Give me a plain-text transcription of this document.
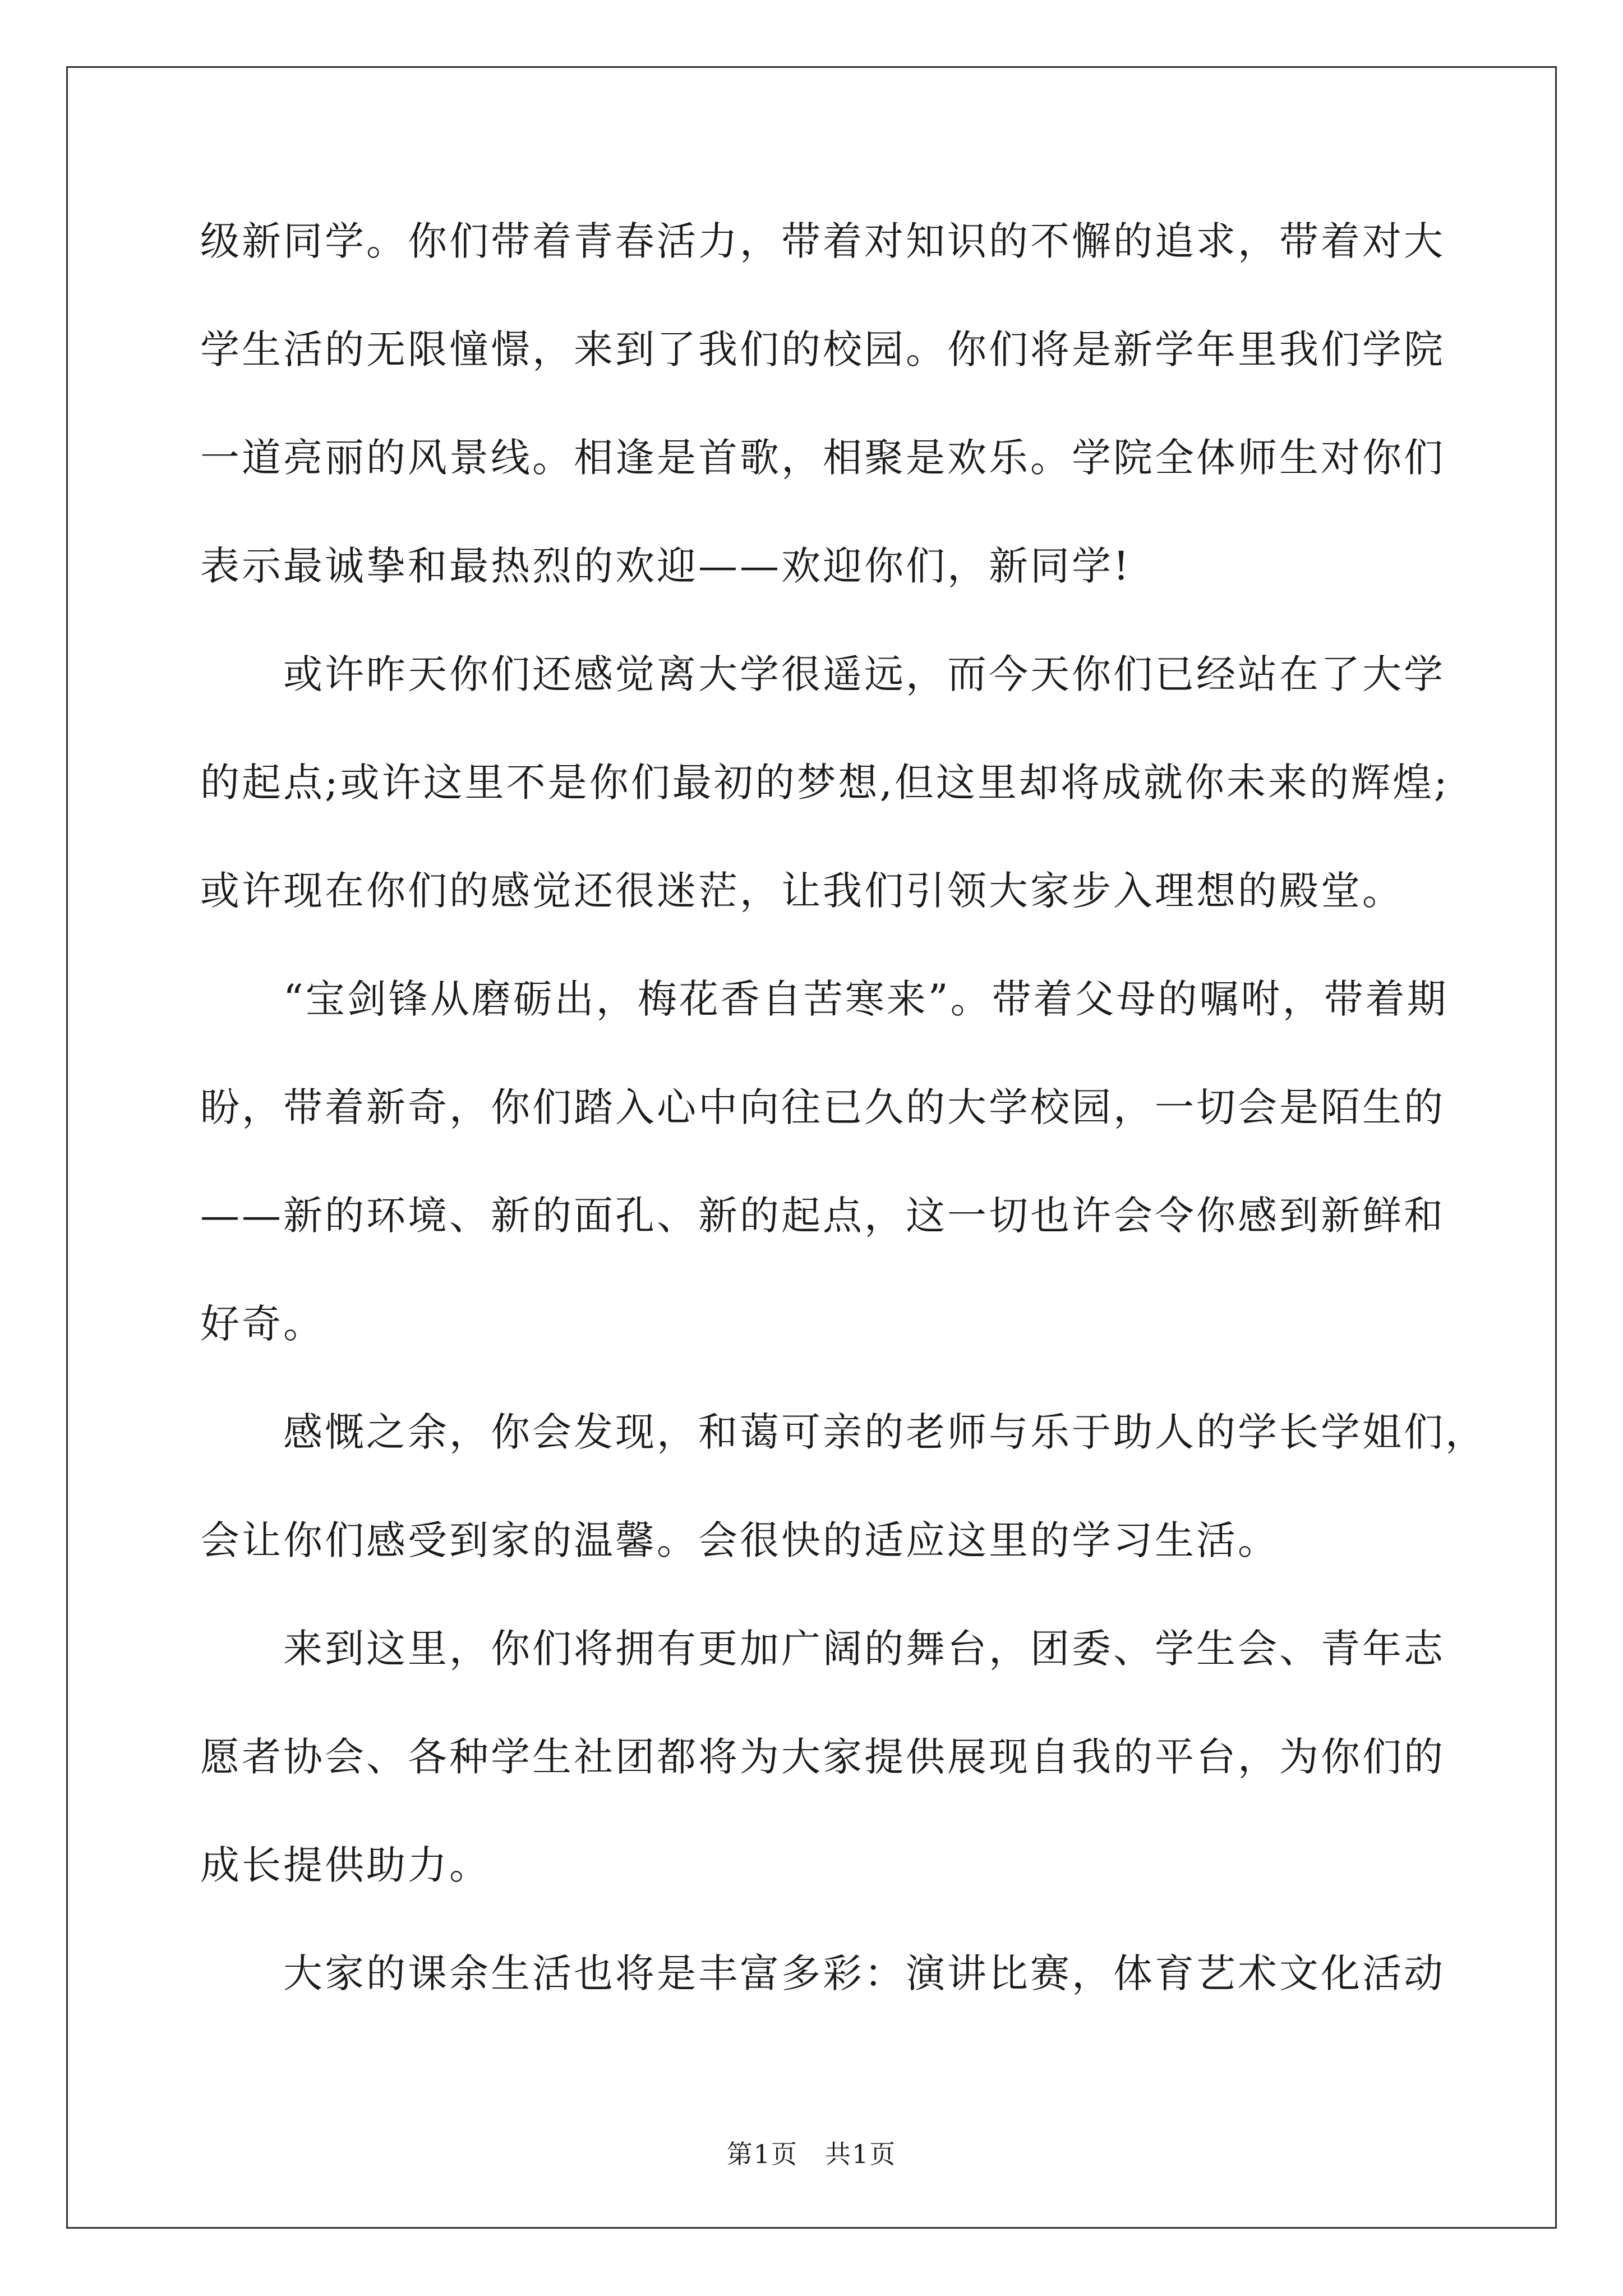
级新同学。你们带着青春活力，带着对知识的不懈的追求，带着对大
学生活的无限憧憬，来到了我们的校园。你们将是新学年里我们学院
一道亮丽的风景线。相逢是首歌，相聚是欢乐。学院全体师生对你们
表示最诚挚和最热烈的欢迎——欢迎你们，新同学!
　　或许昨天你们还感觉离大学很遥远，而今天你们已经站在了大学
的起点;或许这里不是你们最初的梦想,但这里却将成就你未来的辉煌;
或许现在你们的感觉还很迷茫，让我们引领大家步入理想的殿堂。
　　“宝剑锋从磨砺出，梅花香自苦寒来”。带着父母的嘱咐，带着期
盼，带着新奇，你们踏入心中向往已久的大学校园，一切会是陌生的
——新的环境、新的面孔、新的起点，这一切也许会令你感到新鲜和
好奇。
　　感慨之余，你会发现，和蔼可亲的老师与乐于助人的学长学姐们，
会让你们感受到家的温馨。会很快的适应这里的学习生活。
　　来到这里，你们将拥有更加广阔的舞台，团委、学生会、青年志
愿者协会、各种学生社团都将为大家提供展现自我的平台，为你们的
成长提供助力。
　　大家的课余生活也将是丰富多彩：演讲比赛，体育艺术文化活动
第1页 共1页
